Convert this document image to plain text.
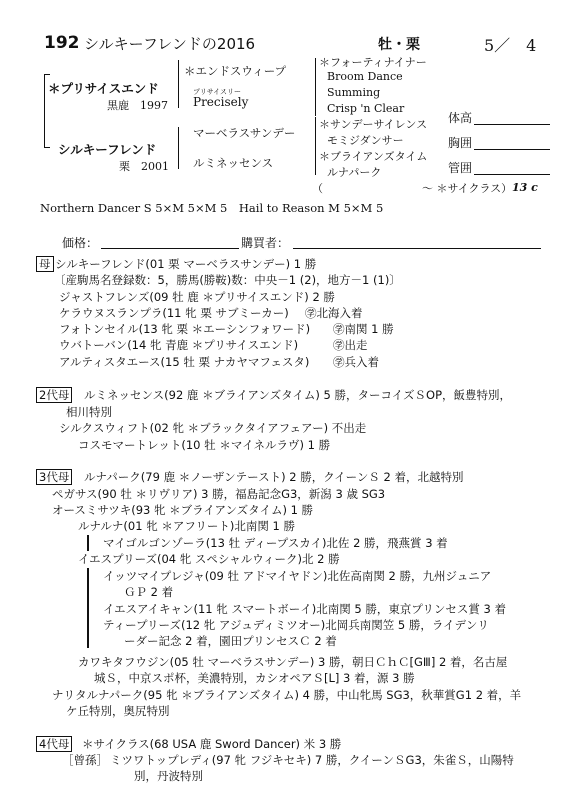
192 シルキーフレンドの2016	牡・栗	5／　4
＊プリサイスエンド
黒鹿　1997
シルキーフレンド
栗　2001
＊エンドスウィープ
プリサイスリー
Precisely
マーベラスサンデー
ルミネッセンス
＊フォーティナイナー
Broom Dance
Summing
Crisp 'n Clear
＊サンデーサイレンス
モミジダンサー
＊ブライアンズタイム
ルナパーク
体高
胸囲
管囲
（　　　　　　　　　～ ＊サイクラス） 13 c
Northern Dancer S 5×M 5×M 5　Hail to Reason M 5×M 5
価格：	購買者：
母 シルキーフレンド(01 栗 マーベラスサンデー) 1 勝
〔産駒馬名登録数：5，勝馬(勝鞍)数：中央－1 (2)，地方－1 (1)〕
ジャストフレンズ(09 牡 鹿 ＊プリサイスエンド) 2 勝
ケラウヌスランプラ(11 牝 栗 サブミーカー) ㊫北海入着
フォトンセイル(13 牝 栗 ＊エーシンフォワード) ㊫南関 1 勝
ウバトーバン(14 牝 青鹿 ＊プリサイスエンド)	㊫出走
アルティスタエース(15 牡 栗 ナカヤマフェスタ) ㊫兵入着
2代母 ルミネッセンス(92 鹿 ＊ブライアンズタイム) 5 勝，ターコイズＳOP，飯豊特別，
相川特別
シルクスウィフト(02 牝 ＊ブラックタイアフェアー) 不出走
コスモマートレット(10 牡 ＊マイネルラヴ) 1 勝
3代母 ルナパーク(79 鹿 ＊ノーザンテースト) 2 勝，クイーンＳ 2 着，北越特別
ペガサス(90 牡 ＊リヴリア) 3 勝，福島記念G3，新潟 3 歳 SG3
オースミサツキ(93 牝 ＊ブライアンズタイム) 1 勝
ルナルナ(01 牝 ＊アフリート)北南関 1 勝
マイゴルゴンゾーラ(13 牡 ディープスカイ)北佐 2 勝，飛燕賞 3 着
イエスプリーズ(04 牝 スペシャルウィーク)北 2 勝
イッツマイプレジャ(09 牡 アドマイヤドン)北佐高南関 2 勝，九州ジュニア
ＧＰ 2 着
イエスアイキャン(11 牝 スマートボーイ)北南関 5 勝，東京プリンセス賞 3 着
ティープリーズ(12 牝 アジュディミツオー)北岡兵南関笠 5 勝，ライデンリ
ーダー記念 2 着，園田プリンセスＣ 2 着
カワキタフウジン(05 牡 マーベラスサンデー) 3 勝，朝日ＣｈＣ[GⅢ] 2 着，名古屋
城Ｓ，中京スポ杯，美濃特別，カシオペアＳ[L] 3 着，源 3 勝
ナリタルナパーク(95 牝 ＊ブライアンズタイム) 4 勝，中山牝馬 SG3，秋華賞G1 2 着，羊
ケ丘特別，奥尻特別
4代母 ＊サイクラス(68 USA 鹿 Sword Dancer) 米 3 勝
［曾孫］ ミツワトップレディ(97 牝 フジキセキ) 7 勝，クイーンＳG3，朱雀Ｓ，山陽特
別，丹波特別
